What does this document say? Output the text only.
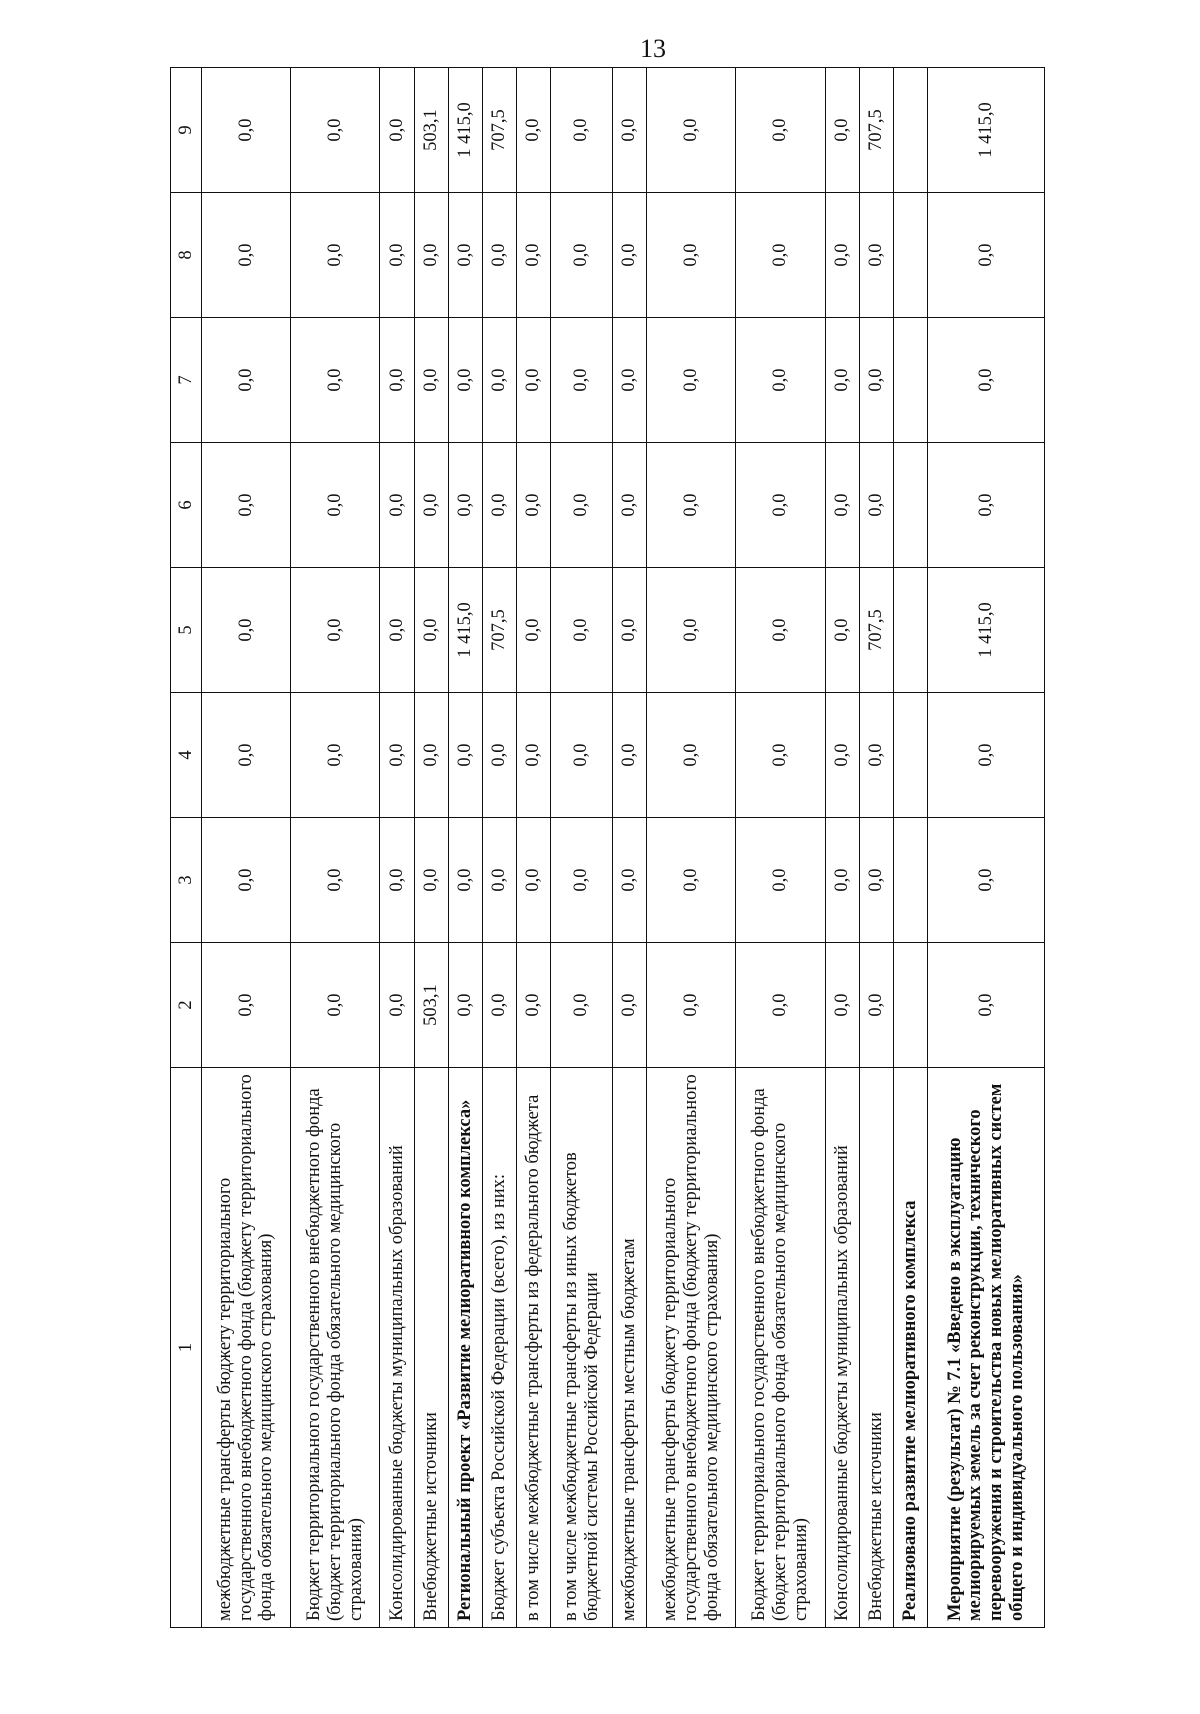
13
1	2	3	4	5	6	7	8	9
межбюджетные трансферты бюджету территориального государственного внебюджетного фонда (бюджету территориального фонда обязательного медицинского страхования)	0,0	0,0	0,0	0,0	0,0	0,0	0,0	0,0
Бюджет территориального государственного внебюджетного фонда (бюджет территориального фонда обязательного медицинского страхования)	0,0	0,0	0,0	0,0	0,0	0,0	0,0	0,0
Консолидированные бюджеты муниципальных образований	0,0	0,0	0,0	0,0	0,0	0,0	0,0	0,0
Внебюджетные источники	503,1	0,0	0,0	0,0	0,0	0,0	0,0	503,1
Региональный проект «Развитие мелиоративного комплекса»	0,0	0,0	0,0	1 415,0	0,0	0,0	0,0	1 415,0
Бюджет субъекта Российской Федерации (всего), из них:	0,0	0,0	0,0	707,5	0,0	0,0	0,0	707,5
в том числе межбюджетные трансферты из федерального бюджета	0,0	0,0	0,0	0,0	0,0	0,0	0,0	0,0
в том числе межбюджетные трансферты из иных бюджетов бюджетной системы Российской Федерации	0,0	0,0	0,0	0,0	0,0	0,0	0,0	0,0
межбюджетные трансферты местным бюджетам	0,0	0,0	0,0	0,0	0,0	0,0	0,0	0,0
межбюджетные трансферты бюджету территориального государственного внебюджетного фонда (бюджету территориального фонда обязательного медицинского страхования)	0,0	0,0	0,0	0,0	0,0	0,0	0,0	0,0
Бюджет территориального государственного внебюджетного фонда (бюджет территориального фонда обязательного медицинского страхования)	0,0	0,0	0,0	0,0	0,0	0,0	0,0	0,0
Консолидированные бюджеты муниципальных образований	0,0	0,0	0,0	0,0	0,0	0,0	0,0	0,0
Внебюджетные источники	0,0	0,0	0,0	707,5	0,0	0,0	0,0	707,5
Реализовано развитие мелиоративного комплекса								
Мероприятие (результат) № 7.1 «Введено в эксплуатацию мелиорируемых земель за счет реконструкции, технического перевооружения и строительства новых мелиоративных систем общего и индивидуального пользования»	0,0	0,0	0,0	1 415,0	0,0	0,0	0,0	1 415,0
